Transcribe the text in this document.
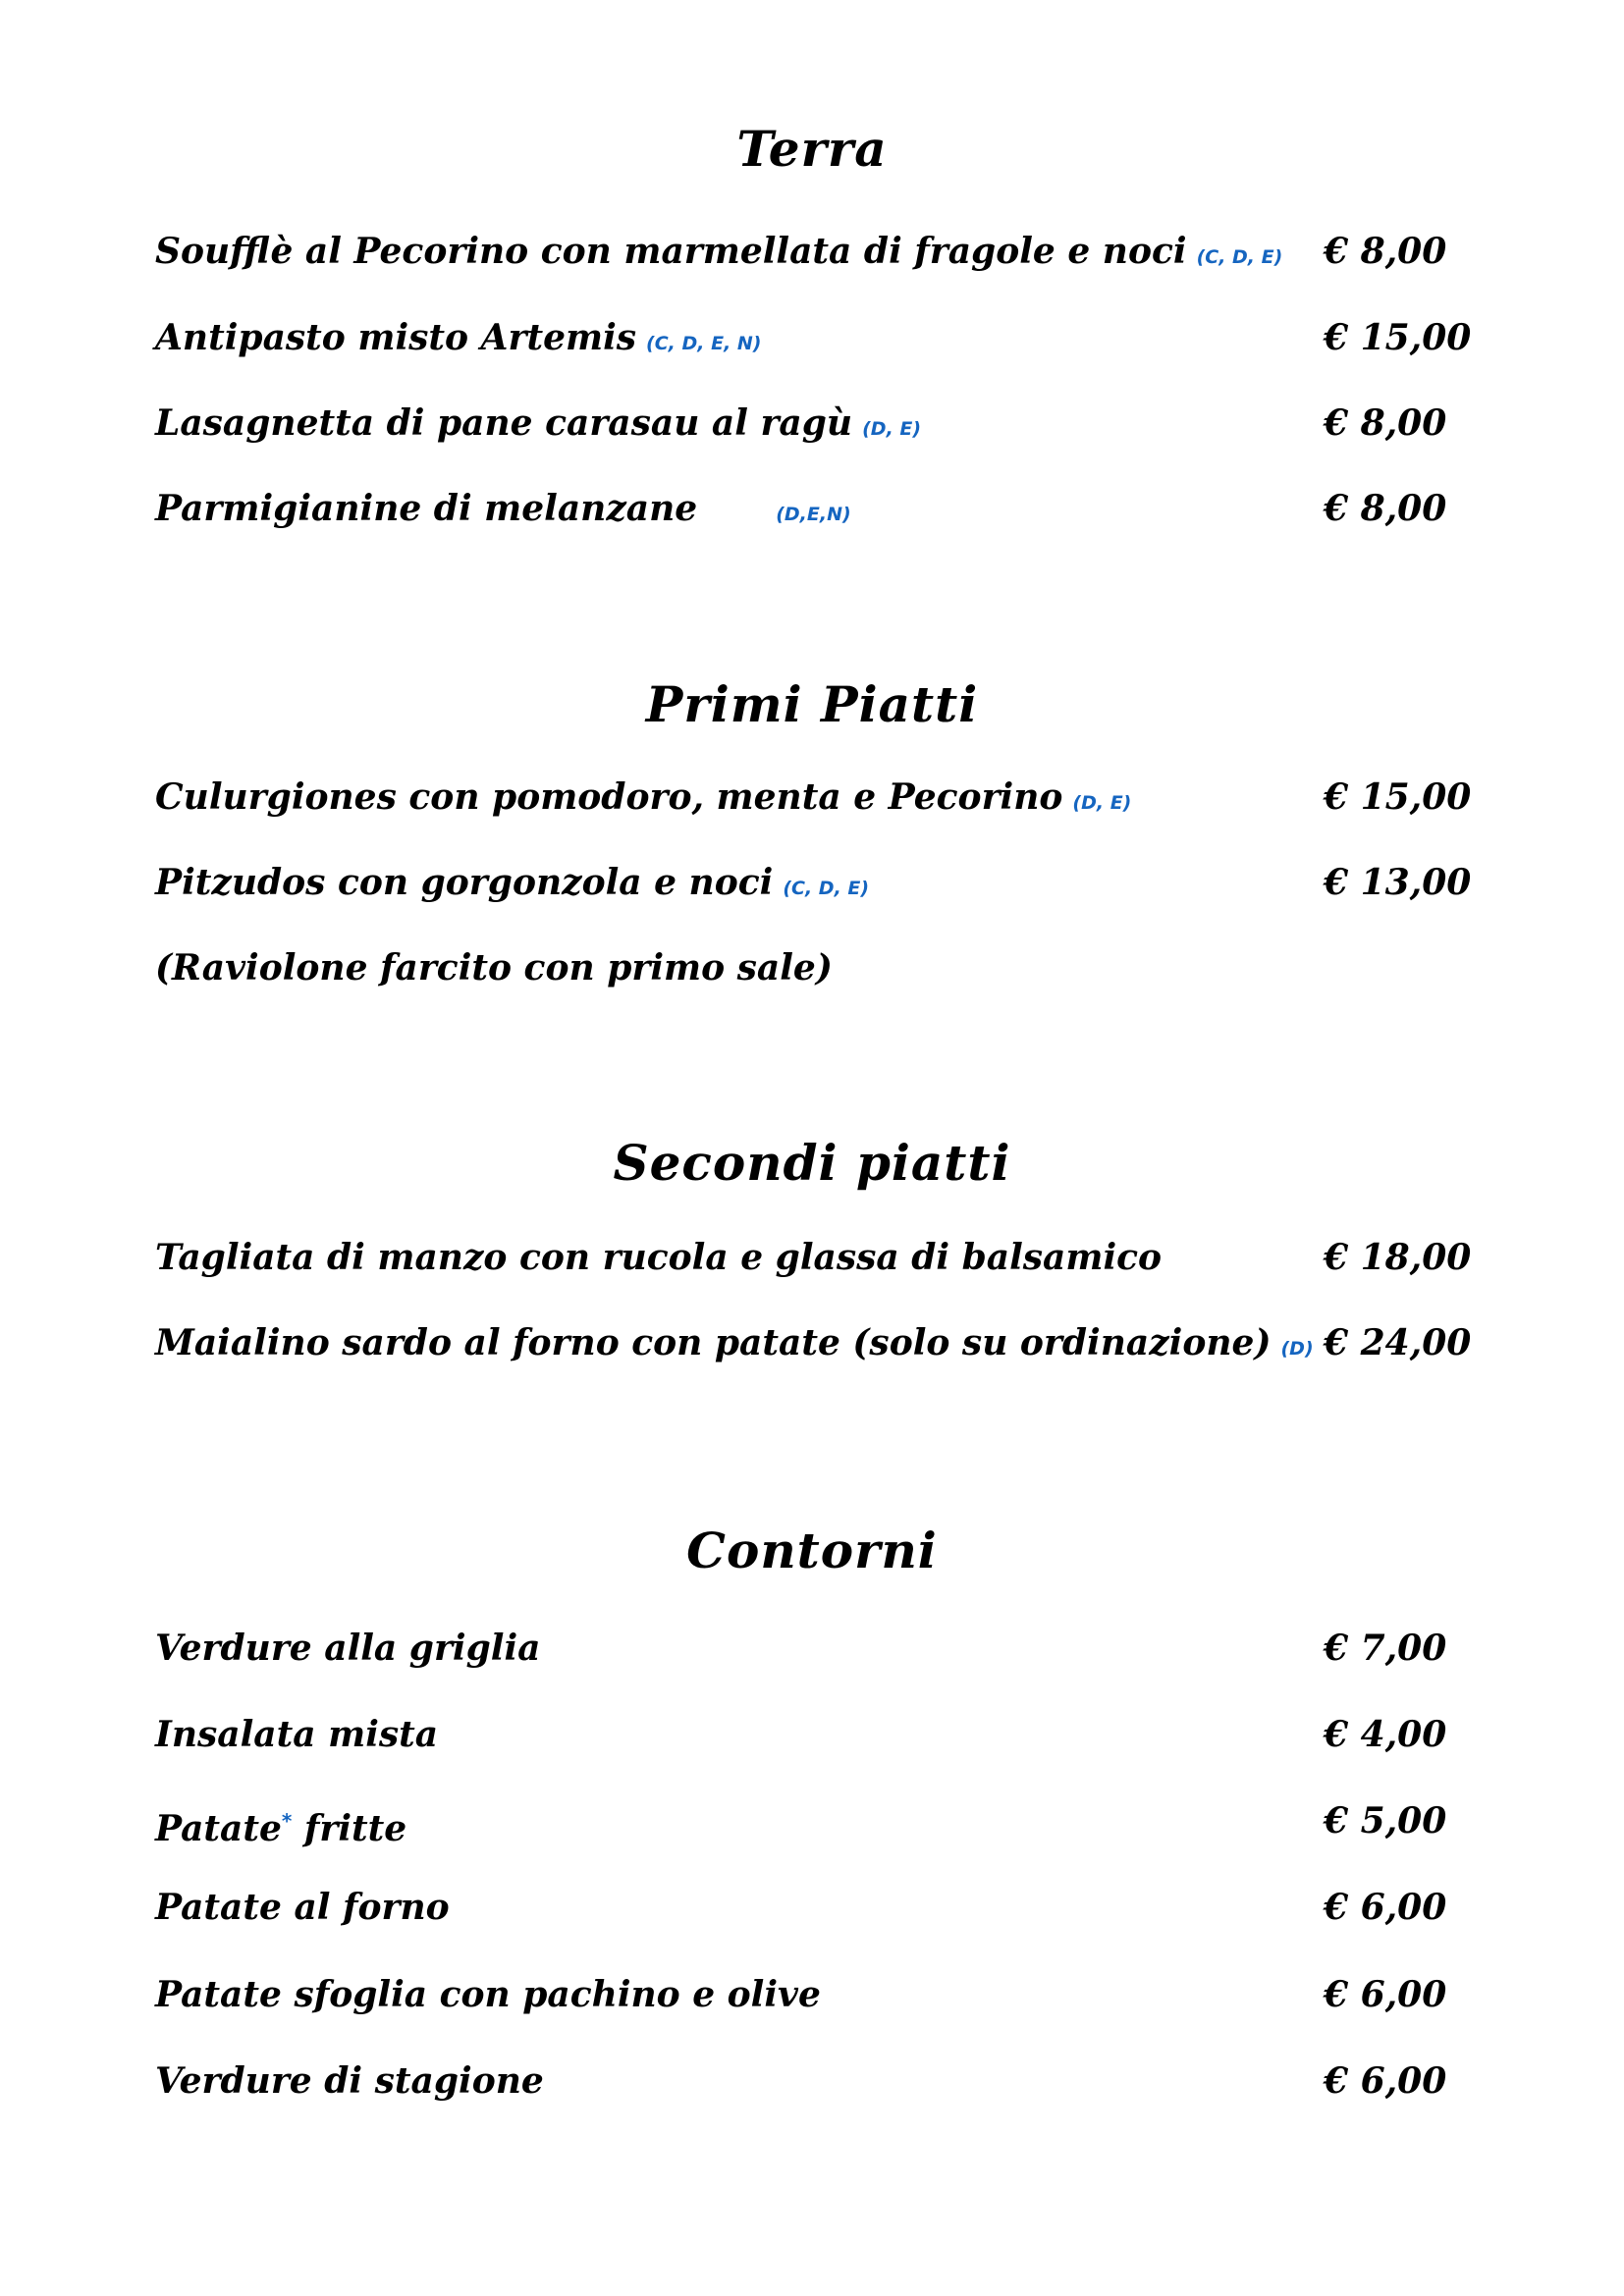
Terra
Soufflè al Pecorino con marmellata di fragole e noci (C, D, E) € 8,00
Antipasto misto Artemis (C, D, E, N)	€ 15,00
Lasagnetta di pane carasau al ragù (D, E)	€ 8,00
Parmigianine di melanzane	(D,E,N)	€ 8,00
Primi Piatti
Culurgiones con pomodoro, menta e Pecorino (D, E)	€ 15,00
Pitzudos con gorgonzola e noci (C, D, E)	€ 13,00
(Raviolone farcito con primo sale)
Secondi piatti
Tagliata di manzo con rucola e glassa di balsamico	€ 18,00
Maialino sardo al forno con patate (solo su ordinazione) (D) € 24,00
Contorni
Verdure alla griglia	€ 7,00
Insalata mista	€ 4,00
Patate* fritte	€ 5,00
Patate al forno	€ 6,00
Patate sfoglia con pachino e olive	€ 6,00
Verdure di stagione	€ 6,00
